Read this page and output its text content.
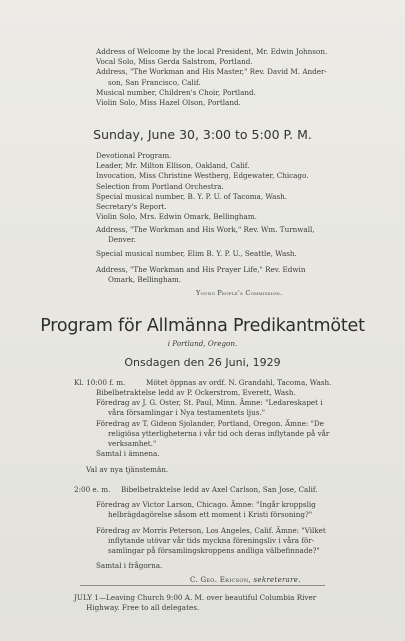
Address of Welcome by the local President, Mr. Edwin Johnson.
Vocal Solo, Miss Gerda Salstrom, Portland.
Address, "The Workman and His Master," Rev. David M. Ander-
son, San Francisco, Calif.
Musical number, Children's Choir, Portland.
Violin Solo, Miss Hazel Olson, Portland.
Sunday, June 30, 3:00 to 5:00 P. M.
Devotional Program.
Leader, Mr. Milton Ellison, Oakland, Calif.
Invocation, Miss Christine Westberg, Edgewater, Chicago.
Selection from Portland Orchestra.
Special musical number, B. Y. P. U. of Tacoma, Wash.
Secretary's Report.
Violin Solo, Mrs. Edwin Omark, Bellingham.
Address, "The Workman and His Work," Rev. Wm. Turnwall,
Denver.
Special musical number, Elim B. Y. P. U., Seattle, Wash.
Address, "The Workman and His Prayer Life," Rev. Edwin
Omark, Bellingham.
Young People's Commission.
Program för Allmänna Predikantmötet
i Portland, Oregon.
Onsdagen den 26 Juni, 1929
Kl. 10:00 f. m.	Mötet öppnas av ordf. N. Grandahl, Tacoma, Wash.
Bibelbetraktelse ledd av P. Ockerstrom, Everett, Wash.
Föredrag av J. G. Oster, St. Paul, Minn. Ämne: "Ledareskapet i
våra församlingar i Nya testamentets ljus."
Föredrag av T. Gideon Sjolander, Portland, Oregon. Ämne: "De
religiösa ytterligheterna i vår tid och deras inflytande på vår
verksamhet."
Samtal i ämnena.
Val av nya tjänstemän.
2:00 e. m. Bibelbetraktelse ledd av Axel Carlson, San Jose, Calif.
Föredrag av Victor Larson, Chicago. Ämne: "Ingår kroppslig
helbrägdagörelse såsom ett moment i Kristi försoning?"
Föredrag av Morris Peterson, Los Angeles, Calif. Ämne: "Vilket
inflytande utövar vår tids myckna föreningsliv i våra för-
samlingar på församlingskroppens andliga välbefinnade?"
Samtal i frågorna.
C. Geo. Ericson, sekreterare.
JULY 1—Leaving Church 9:00 A. M. over beautiful Columbia River
Highway. Free to all delegates.
